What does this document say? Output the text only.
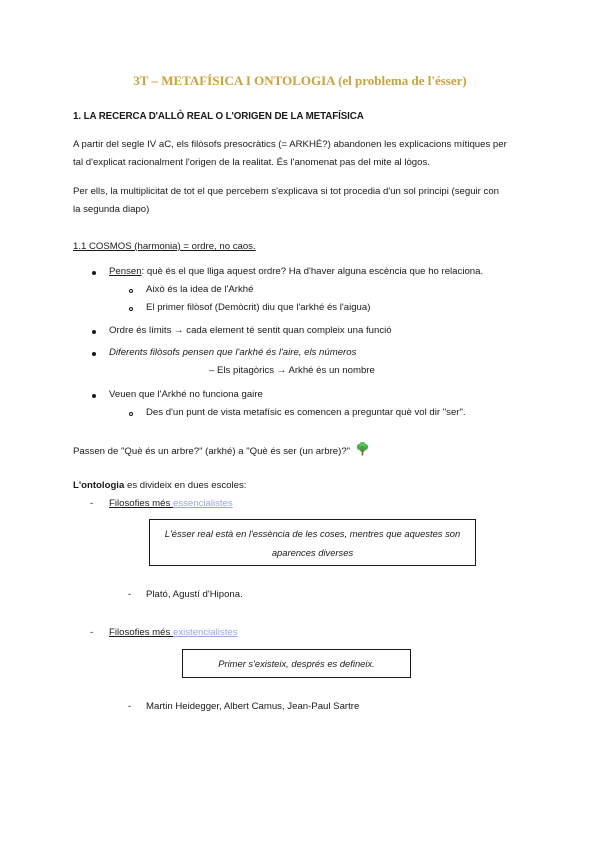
3T – METAFÍSICA I ONTOLOGIA (el problema de l'ésser)
1. LA RECERCA D'ALLÒ REAL O L'ORIGEN DE LA METAFÍSICA
A partir del segle IV aC, els filòsofs presocràtics (= ARKHÉ?) abandonen les explicacions mítiques per
tal d'explicat racionalment l'origen de la realitat. És l'anomenat pas del mite al lògos.
Per ells, la multiplicitat de tot el que percebem s'explicava si tot procedia d'un sol principi (seguir con
la segunda diapo)
1.1 COSMOS (harmonia) = ordre, no caos.
Pensen: què és el que lliga aquest ordre? Ha d'haver alguna escència que ho relaciona.
Això és la idea de l'Arkhé
El primer filòsof (Demòcrit) diu que l'arkhé és l'aigua)
Ordre és límits → cada element té sentit quan compleix una funció
Diferents filòsofs pensen que l'arkhé és l'aire, els números
– Els pitagòrics → Arkhé és un nombre
Veuen que l'Arkhé no funciona gaire
Des d'un punt de vista metafísic es comencen a preguntar què vol dir "ser".
Passen de "Què és un arbre?" (arkhé) a "Què és ser (un arbre)?"
L'ontologia es divideix en dues escoles:
- Filosofies més essencialistes
L'ésser real està en l'essència de les coses, mentres que aquestes son
aparences diverses
- Plató, Agustí d'Hipona.
- Filosofies més existencialistes
Primer s'existeix, després es defineix.
- Martin Heidegger, Albert Camus, Jean-Paul Sartre
